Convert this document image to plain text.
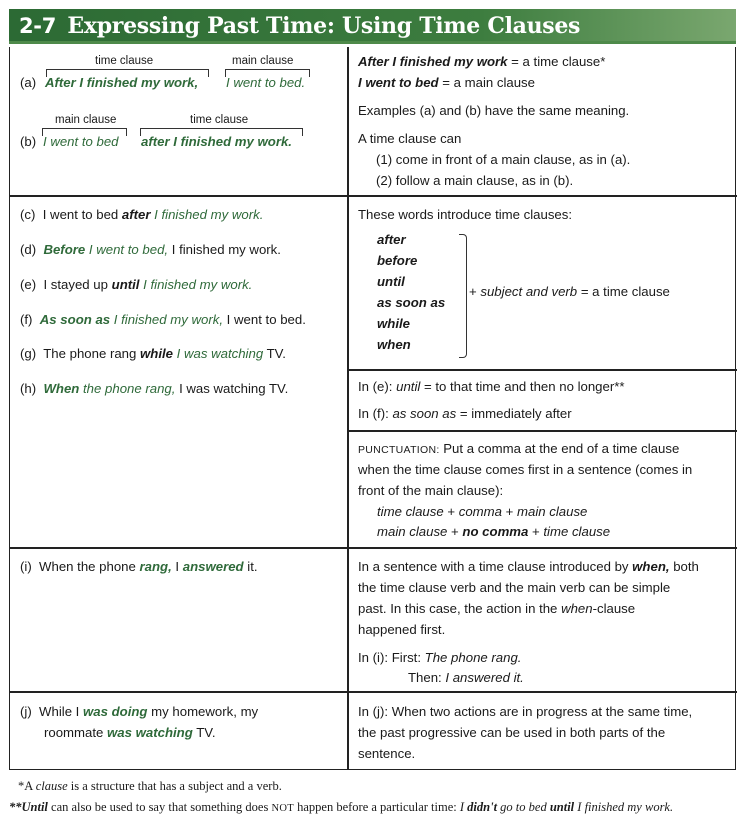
2-7 Expressing Past Time: Using Time Clauses
time clause	main clause
(a) After I finished my work, I went to bed.
main clause	time clause
(b) I went to bed after I finished my work.
After I finished my work = a time clause*
I went to bed = a main clause
Examples (a) and (b) have the same meaning.
A time clause can
(1) come in front of a main clause, as in (a).
(2) follow a main clause, as in (b).
(c) I went to bed after I finished my work.
(d) Before I went to bed, I finished my work.
(e) I stayed up until I finished my work.
(f) As soon as I finished my work, I went to bed.
(g) The phone rang while I was watching TV.
(h) When the phone rang, I was watching TV.
These words introduce time clauses:
after
before
until
as soon as
while
when
+ subject and verb = a time clause
In (e): until = to that time and then no longer**
In (f): as soon as = immediately after
PUNCTUATION: Put a comma at the end of a time clause
when the time clause comes first in a sentence (comes in
front of the main clause):
time clause + comma + main clause
main clause + no comma + time clause
(i) When the phone rang, I answered it.	In a sentence with a time clause introduced by when, both
the time clause verb and the main verb can be simple
past. In this case, the action in the when-clause
happened first.
In (i): First: The phone rang.
Then: I answered it.
(j) While I was doing my homework, my
roommate was watching TV.
In (j): When two actions are in progress at the same time,
the past progressive can be used in both parts of the
sentence.
*A clause is a structure that has a subject and a verb.
**Until can also be used to say that something does NOT happen before a particular time: I didn't go to bed until I finished my work.
